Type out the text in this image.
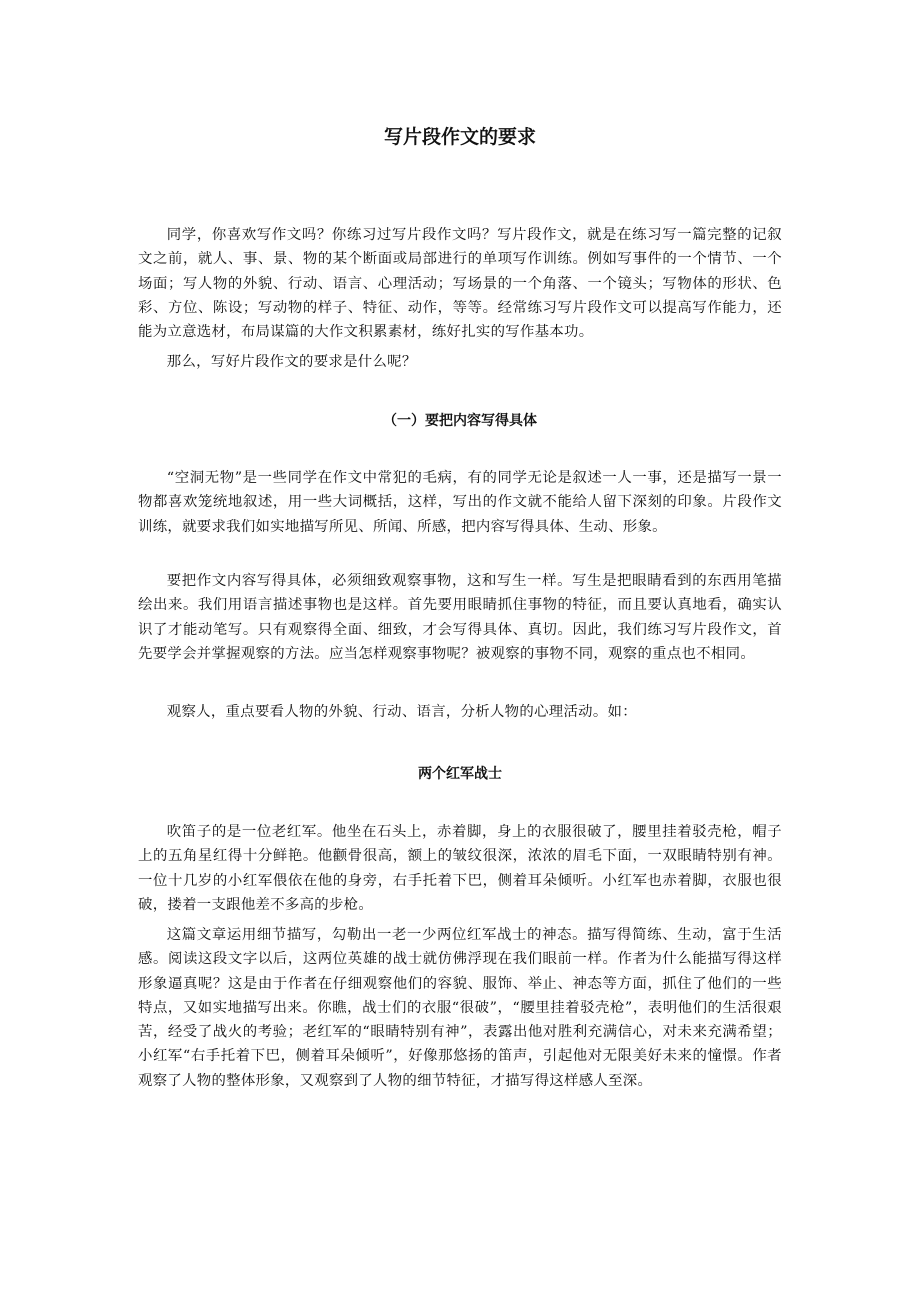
写片段作文的要求

同学，你喜欢写作文吗？你练习过写片段作文吗？写片段作文，就是在练习写一篇完整的记叙文之前，就人、事、景、物的某个断面或局部进行的单项写作训练。例如写事件的一个情节、一个场面；写人物的外貌、行动、语言、心理活动；写场景的一个角落、一个镜头；写物体的形状、色彩、方位、陈设；写动物的样子、特征、动作，等等。经常练习写片段作文可以提高写作能力，还能为立意选材，布局谋篇的大作文积累素材，练好扎实的写作基本功。

那么，写好片段作文的要求是什么呢？

（一）要把内容写得具体

“空洞无物”是一些同学在作文中常犯的毛病，有的同学无论是叙述一人一事，还是描写一景一物都喜欢笼统地叙述，用一些大词概括，这样，写出的作文就不能给人留下深刻的印象。片段作文训练，就要求我们如实地描写所见、所闻、所感，把内容写得具体、生动、形象。

要把作文内容写得具体，必须细致观察事物，这和写生一样。写生是把眼睛看到的东西用笔描绘出来。我们用语言描述事物也是这样。首先要用眼睛抓住事物的特征，而且要认真地看，确实认识了才能动笔写。只有观察得全面、细致，才会写得具体、真切。因此，我们练习写片段作文，首先要学会并掌握观察的方法。应当怎样观察事物呢？被观察的事物不同，观察的重点也不相同。

观察人，重点要看人物的外貌、行动、语言，分析人物的心理活动。如：

两个红军战士

吹笛子的是一位老红军。他坐在石头上，赤着脚，身上的衣服很破了，腰里挂着驳壳枪，帽子上的五角星红得十分鲜艳。他颧骨很高，额上的皱纹很深，浓浓的眉毛下面，一双眼睛特别有神。一位十几岁的小红军偎依在他的身旁，右手托着下巴，侧着耳朵倾听。小红军也赤着脚，衣服也很破，搂着一支跟他差不多高的步枪。

这篇文章运用细节描写，勾勒出一老一少两位红军战士的神态。描写得简练、生动，富于生活感。阅读这段文字以后，这两位英雄的战士就仿佛浮现在我们眼前一样。作者为什么能描写得这样形象逼真呢？这是由于作者在仔细观察他们的容貌、服饰、举止、神态等方面，抓住了他们的一些特点，又如实地描写出来。你瞧，战士们的衣服“很破”，“腰里挂着驳壳枪”，表明他们的生活很艰苦，经受了战火的考验；老红军的“眼睛特别有神”，表露出他对胜利充满信心，对未来充满希望；小红军“右手托着下巴，侧着耳朵倾听”，好像那悠扬的笛声，引起他对无限美好未来的憧憬。作者观察了人物的整体形象，又观察到了人物的细节特征，才描写得这样感人至深。
